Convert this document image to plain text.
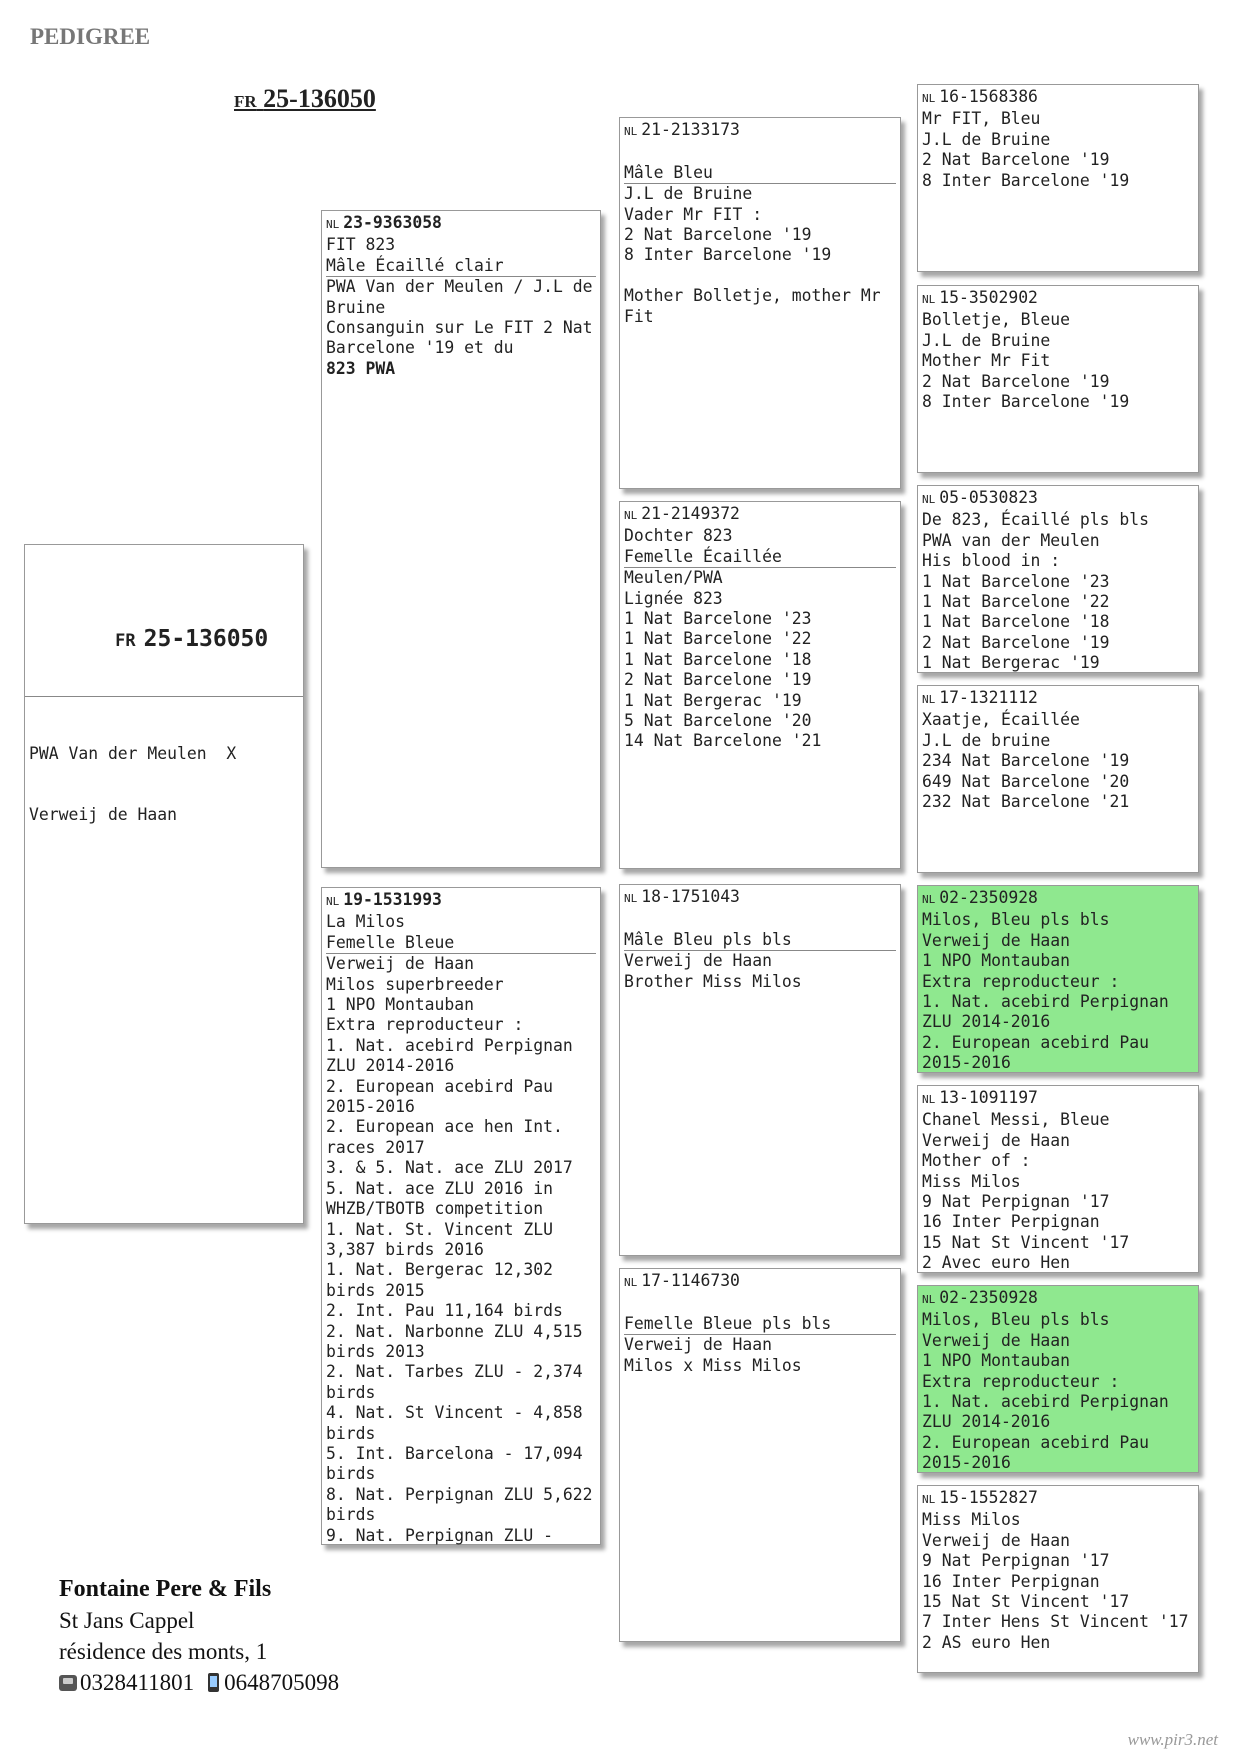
PEDIGREE
FR 25-136050

FR 25-136050

PWA Van der Meulen  X

Verweij de Haan

NL 23-9363058
FIT 823
Mâle Écaillé clair
PWA Van der Meulen / J.L de Bruine
Consanguin sur Le FIT 2 Nat Barcelone '19 et du
823 PWA
NL 19-1531993
La Milos
Femelle Bleue
Verweij de Haan
Milos superbreeder
1 NPO Montauban
Extra reproducteur :
1. Nat. acebird Perpignan ZLU 2014-2016
2. European acebird Pau 2015-2016
2. European ace hen Int. races 2017
3. & 5. Nat. ace ZLU 2017
5. Nat. ace ZLU 2016 in WHZB/TBOTB competition
1. Nat. St. Vincent ZLU 3,387 birds 2016
1. Nat. Bergerac 12,302 birds 2015
2. Int. Pau 11,164 birds
2. Nat. Narbonne ZLU 4,515 birds 2013
2. Nat. Tarbes ZLU - 2,374 birds
4. Nat. St Vincent - 4,858 birds
5. Int. Barcelona - 17,094 birds
8. Nat. Perpignan ZLU 5,622 birds
9. Nat. Perpignan ZLU -
NL 21-2133173

Mâle Bleu
J.L de Bruine
Vader Mr FIT :
2 Nat Barcelone '19
8 Inter Barcelone '19

Mother Bolletje, mother Mr Fit
NL 21-2149372
Dochter 823
Femelle Écaillée
Meulen/PWA
Lignée 823
1 Nat Barcelone '23
1 Nat Barcelone '22
1 Nat Barcelone '18
2 Nat Barcelone '19
1 Nat Bergerac '19
5 Nat Barcelone '20
14 Nat Barcelone '21
NL 18-1751043

Mâle Bleu pls bls
Verweij de Haan
Brother Miss Milos
NL 17-1146730

Femelle Bleue pls bls
Verweij de Haan
Milos x Miss Milos
NL 16-1568386
Mr FIT, Bleu
J.L de Bruine
2 Nat Barcelone '19
8 Inter Barcelone '19
NL 15-3502902
Bolletje, Bleue
J.L de Bruine
Mother Mr Fit
2 Nat Barcelone '19
8 Inter Barcelone '19
NL 05-0530823
De 823, Écaillé pls bls
PWA van der Meulen
His blood in :
1 Nat Barcelone '23
1 Nat Barcelone '22
1 Nat Barcelone '18
2 Nat Barcelone '19
1 Nat Bergerac '19
NL 17-1321112
Xaatje, Écaillée
J.L de bruine
234 Nat Barcelone '19
649 Nat Barcelone '20
232 Nat Barcelone '21
NL 02-2350928
Milos, Bleu pls bls
Verweij de Haan
1 NPO Montauban
Extra reproducteur :
1. Nat. acebird Perpignan ZLU 2014-2016
2. European acebird Pau 2015-2016
NL 13-1091197
Chanel Messi, Bleue
Verweij de Haan
Mother of :
Miss Milos
9 Nat Perpignan '17
16 Inter Perpignan
15 Nat St Vincent '17
2 Avec euro Hen
NL 02-2350928
Milos, Bleu pls bls
Verweij de Haan
1 NPO Montauban
Extra reproducteur :
1. Nat. acebird Perpignan ZLU 2014-2016
2. European acebird Pau 2015-2016
NL 15-1552827
Miss Milos
Verweij de Haan
9 Nat Perpignan '17
16 Inter Perpignan
15 Nat St Vincent '17
7 Inter Hens St Vincent '17
2 AS euro Hen
Fontaine Pere & Fils
St Jans Cappel
résidence des monts, 1
0328411801 0648705098
www.pir3.net
